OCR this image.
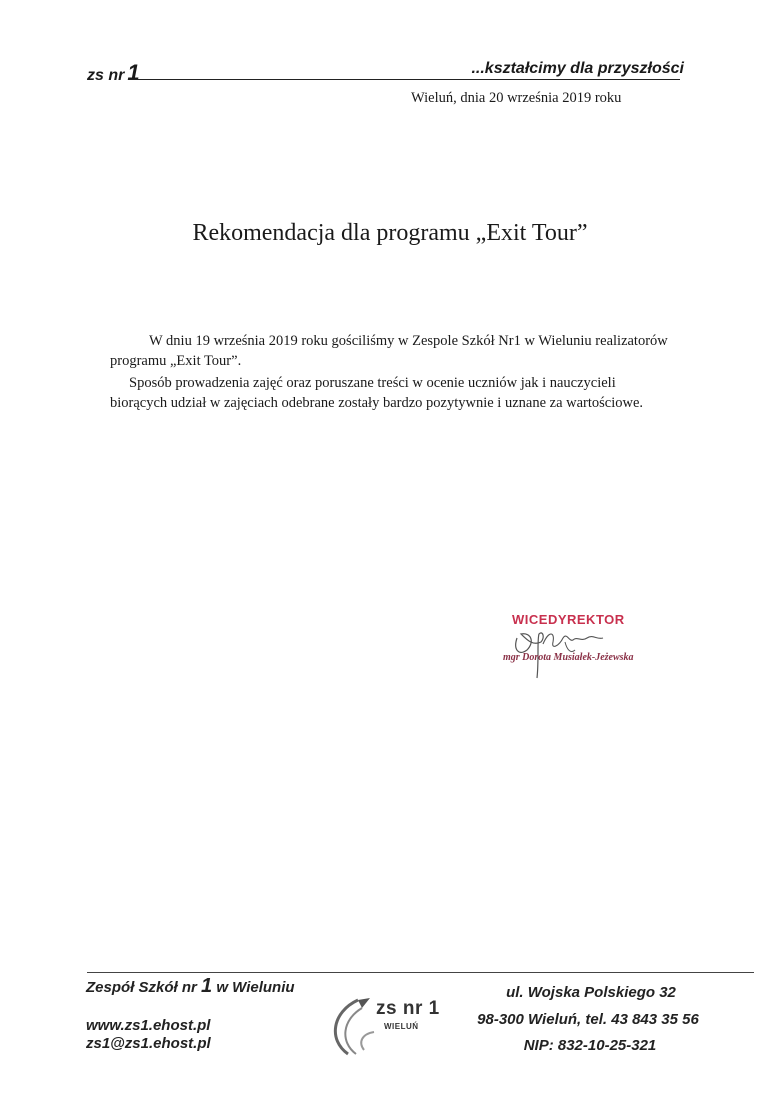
zs nr 1	...kształcimy dla przyszłości
Wieluń, dnia 20 września 2019 roku
Rekomendacja dla programu „Exit Tour”
W dniu 19 września 2019 roku gościliśmy w Zespole Szkół Nr1 w Wieluniu realizatorów programu „Exit Tour”.
Sposób prowadzenia zajęć oraz poruszane treści w ocenie uczniów jak i nauczycieli biorących udział w zajęciach odebrane zostały bardzo pozytywnie i uznane za wartościowe.
WICEDYREKTOR
mgr Dorota Musiałek-Jeżewska
Zespół Szkół nr 1 w Wieluniu
www.zs1.ehost.pl
zs1@zs1.ehost.pl
zs nr 1
WIELUŃ
ul. Wojska Polskiego 32
98-300 Wieluń, tel. 43 843 35 56
NIP: 832-10-25-321
